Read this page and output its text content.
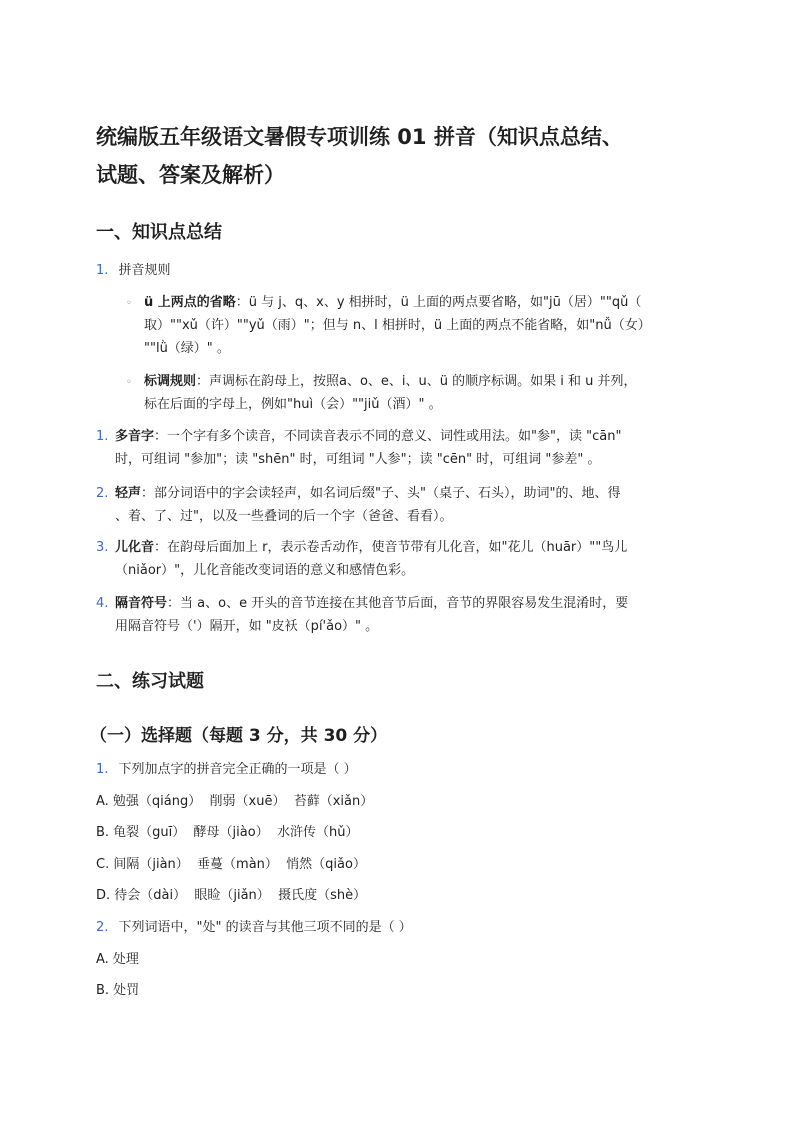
统编版五年级语文暑假专项训练 01 拼音（知识点总结、

试题、答案及解析）

一、知识点总结

1. 拼音规则
◦ ü 上两点的省略：ü 与 j、q、x、y 相拼时，ü 上面的两点要省略，如"jū（居）""qǔ（
取）""xǔ（许）""yǔ（雨）"；但与 n、l 相拼时，ü 上面的两点不能省略，如"nǚ（女）
""lǜ（绿）" 。
◦ 标调规则：声调标在韵母上，按照a、o、e、i、u、ü 的顺序标调。如果 i 和 u 并列，
标在后面的字母上，例如"huì（会）""jiǔ（酒）" 。
1. 多音字：一个字有多个读音，不同读音表示不同的意义、词性或用法。如"参"，读 "cān"
时，可组词 "参加"；读 "shēn" 时，可组词 "人参"；读 "cēn" 时，可组词 "参差" 。
2. 轻声：部分词语中的字会读轻声，如名词后缀"子、头"（桌子、石头），助词"的、地、得
、着、了、过"，以及一些叠词的后一个字（爸爸、看看）。
3. 儿化音：在韵母后面加上 r，表示卷舌动作，使音节带有儿化音，如"花儿（huār）""鸟儿
（niǎor）"，儿化音能改变词语的意义和感情色彩。
4. 隔音符号：当 a、o、e 开头的音节连接在其他音节后面，音节的界限容易发生混淆时，要
用隔音符号（'）隔开，如 "皮袄（pí'ǎo）" 。

二、练习试题

（一）选择题（每题 3 分，共 30 分）

1. 下列加点字的拼音完全正确的一项是（ ）
A. 勉强（qiáng）  削弱（xuē）  苔藓（xiǎn）
B. 龟裂（guī）  酵母（jiào）  水浒传（hǔ）
C. 间隔（jiàn）  垂蔓（màn）  悄然（qiǎo）
D. 待会（dài）  眼睑（jiǎn）  摄氏度（shè）
2. 下列词语中，"处" 的读音与其他三项不同的是（ ）
A. 处理
B. 处罚
